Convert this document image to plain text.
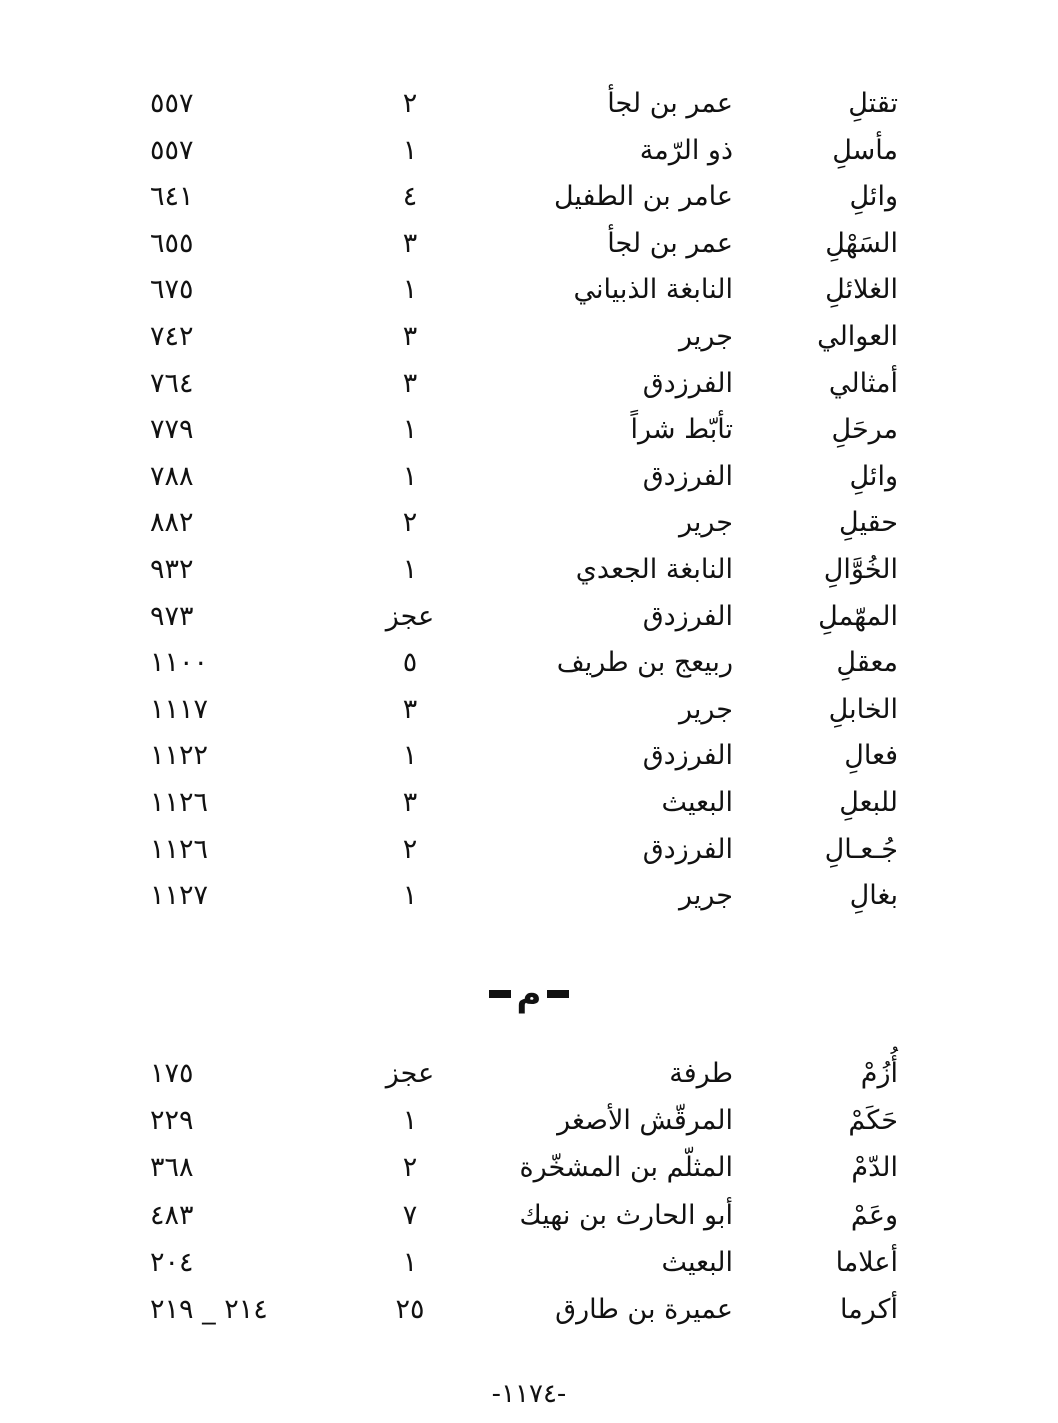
تقتلِ
عمر بن لجأ
٢
٥٥٧
مأسلِ
ذو الرّمة
١
٥٥٧
وائلِ
عامر بن الطفيل
٤
٦٤١
السَهْلِ
عمر بن لجأ
٣
٦٥٥
الغلائلِ
النابغة الذبياني
١
٦٧٥
العوالي
جرير
٣
٧٤٢
أمثالي
الفرزدق
٣
٧٦٤
مرحَلِ
تأبّط شراً
١
٧٧٩
وائلِ
الفرزدق
١
٧٨٨
حقيلِ
جرير
٢
٨٨٢
الخُوَّالِ
النابغة الجعدي
١
٩٣٢
المهّملِ
الفرزدق
عجز
٩٧٣
معقلِ
ربيعج بن طريف
٥
١١٠٠
الخابلِ
جرير
٣
١١١٧
فعالِ
الفرزدق
١
١١٢٢
للبعلِ
البعيث
٣
١١٢٦
جُـعـالِ
الفرزدق
٢
١١٢٦
بغالِ
جرير
١
١١٢٧
م
أُزُمْ
طرفة
عجز
١٧٥
حَكَمْ
المرقّش الأصغر
١
٢٢٩
الدّمْ
المثلّم بن المشخّرة
٢
٣٦٨
وعَمْ
أبو الحارث بن نهيك
٧
٤٨٣
أعلاما
البعيث
١
٢٠٤
أكرما
عميرة بن طارق
٢٥
٢١٤ _ ٢١٩
-١١٧٤-
